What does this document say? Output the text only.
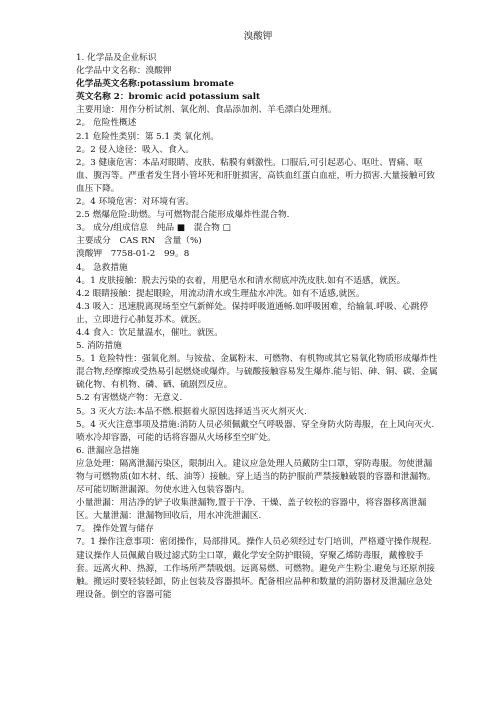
溴酸钾
1. 化学品及企业标识
化学品中文名称：溴酸钾
化学品英文名称:potassium bromate
英文名称 2：bromic acid potassium salt
主要用途：用作分析试剂、氧化剂、食品添加剂、羊毛漂白处理剂。
2。 危险性概述
2.1 危险性类别：第 5.1 类 氧化剂。
2。2 侵入途径：吸入、食入。
2。3 健康危害：本品对眼睛、皮肤、粘膜有刺激性。口服后,可引起恶心、呕吐、胃痛、呕血、腹泻等。严重者发生肾小管坏死和肝脏损害，高铁血红蛋白血症，听力损害.大量接触可致血压下降。
2。4 环境危害：对环境有害。
2.5 燃爆危险:助燃。与可燃物混合能形成爆炸性混合物.
3。 成分/组成信息　纯品 ■　混合物 □
主要成分　CAS RN　含量（%)
溴酸钾　7758-01-2　99。8
4。 急救措施
4。1 皮肤接触：脱去污染的衣着，用肥皂水和清水彻底冲洗皮肤.如有不适感，就医。
4.2 眼睛接触：提起眼睑，用流动清水或生理盐水冲洗。如有不适感,就医。
4.3 吸入：迅速脱离现场至空气新鲜处。保持呼吸道通畅.如呼吸困难，给输氧.呼吸、心跳停止，立即进行心肺复苏术。就医。
4.4 食入：饮足量温水，催吐。就医。
5. 消防措施
5。1 危险特性：强氧化剂。与铵盐、金属粉末、可燃物、有机物或其它易氧化物质形成爆炸性混合物,经摩擦或受热易引起燃烧或爆炸。与硫酸接触容易发生爆炸.能与铝、砷、铜、碳、金属硫化物、有机物、磷、硒、硫剧烈反应。
5.2 有害燃烧产物：无意义.
5。3 灭火方法:本品不燃.根据着火原因选择适当灭火剂灭火.
5。4 灭火注意事项及措施:消防人员必须佩戴空气呼吸器、穿全身防火防毒服，在上风向灭火.喷水冷却容器，可能的话将容器从火场移至空旷处。
6. 泄漏应急措施
应急处理：隔离泄漏污染区，限制出入。建议应急处理人员戴防尘口罩，穿防毒服。勿使泄漏物与可燃物质(如木材、纸、油等）接触。穿上适当的防护服前严禁接触破裂的容器和泄漏物。尽可能切断泄漏源。勿使水进入包装容器内。
小量泄漏：用洁净的铲子收集泄漏物,置于干净、干燥、盖子较松的容器中，将容器移离泄漏区。大量泄漏：泄漏物回收后，用水冲洗泄漏区.
7。 操作处置与储存
7。1 操作注意事项：密闭操作，局部排风。操作人员必须经过专门培训，严格遵守操作规程.建议操作人员佩戴自吸过滤式防尘口罩，戴化学安全防护眼镜，穿聚乙烯防毒服，戴橡胶手套。远离火种、热源，工作场所严禁吸烟。远离易燃、可燃物。避免产生粉尘.避免与还原剂接触。搬运时要轻装轻卸，防止包装及容器损坏。配备相应品种和数量的消防器材及泄漏应急处理设备。倒空的容器可能
